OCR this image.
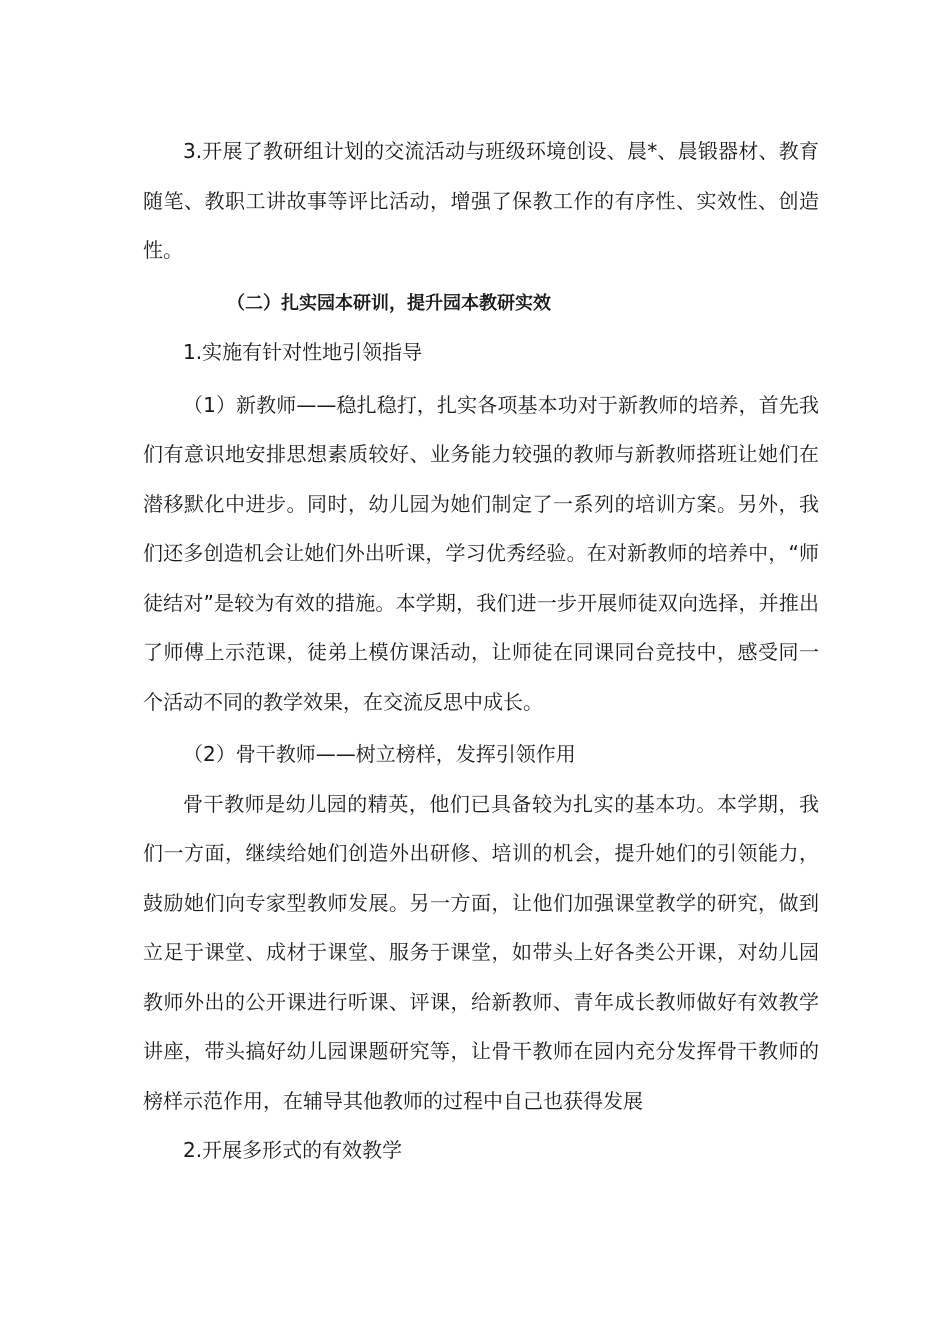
3.开展了教研组计划的交流活动与班级环境创设、晨*、晨锻器材、教育随笔、教职工讲故事等评比活动，增强了保教工作的有序性、实效性、创造性。

（二）扎实园本研训，提升园本教研实效

1.实施有针对性地引领指导

（1）新教师——稳扎稳打，扎实各项基本功对于新教师的培养，首先我们有意识地安排思想素质较好、业务能力较强的教师与新教师搭班让她们在潜移默化中进步。同时，幼儿园为她们制定了一系列的培训方案。另外，我们还多创造机会让她们外出听课，学习优秀经验。在对新教师的培养中，“师徒结对”是较为有效的措施。本学期，我们进一步开展师徒双向选择，并推出了师傅上示范课，徒弟上模仿课活动，让师徒在同课同台竞技中，感受同一个活动不同的教学效果，在交流反思中成长。

（2）骨干教师——树立榜样，发挥引领作用

骨干教师是幼儿园的精英，他们已具备较为扎实的基本功。本学期，我们一方面，继续给她们创造外出研修、培训的机会，提升她们的引领能力，鼓励她们向专家型教师发展。另一方面，让他们加强课堂教学的研究，做到立足于课堂、成材于课堂、服务于课堂，如带头上好各类公开课，对幼儿园教师外出的公开课进行听课、评课，给新教师、青年成长教师做好有效教学讲座，带头搞好幼儿园课题研究等，让骨干教师在园内充分发挥骨干教师的榜样示范作用，在辅导其他教师的过程中自己也获得发展

2.开展多形式的有效教学
